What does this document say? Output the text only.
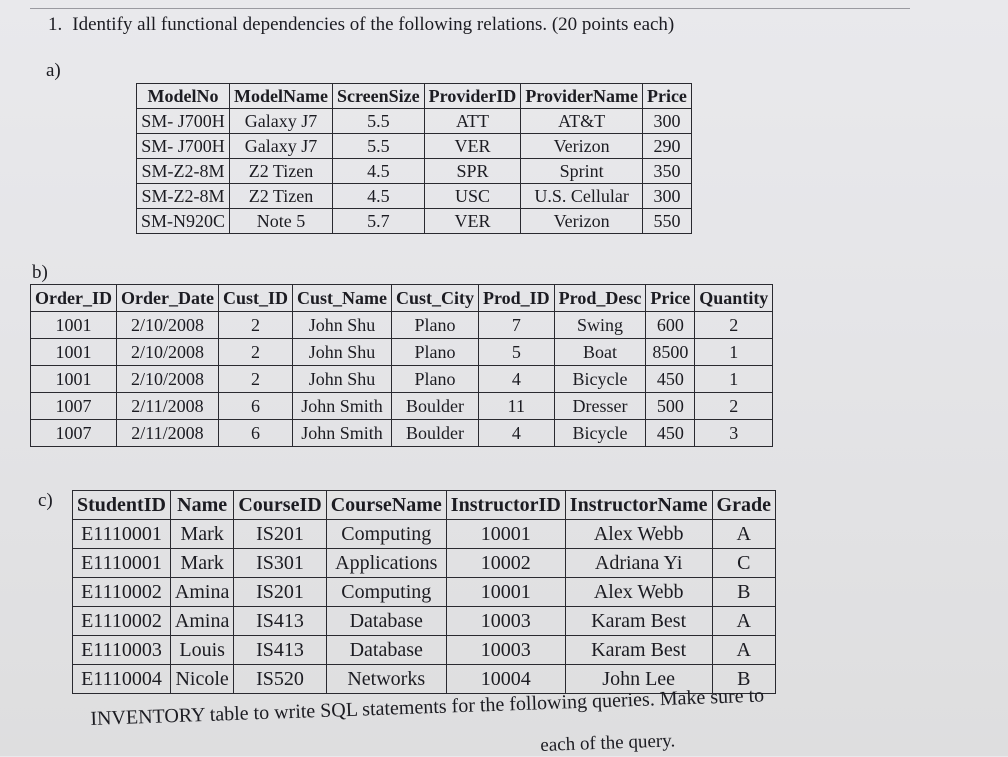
1. Identify all functional dependencies of the following relations. (20 points each)
a)
ModelNo	ModelName	ScreenSize	ProviderID	ProviderName	Price
SM- J700H	Galaxy J7	5.5	ATT	AT&T	300
SM- J700H	Galaxy J7	5.5	VER	Verizon	290
SM-Z2-8M	Z2 Tizen	4.5	SPR	Sprint	350
SM-Z2-8M	Z2 Tizen	4.5	USC	U.S. Cellular	300
SM-N920C	Note 5	5.7	VER	Verizon	550
b)
Order_ID	Order_Date	Cust_ID	Cust_Name	Cust_City	Prod_ID	Prod_Desc	Price	Quantity
1001	2/10/2008	2	John Shu	Plano	7	Swing	600	2
1001	2/10/2008	2	John Shu	Plano	5	Boat	8500	1
1001	2/10/2008	2	John Shu	Plano	4	Bicycle	450	1
1007	2/11/2008	6	John Smith	Boulder	11	Dresser	500	2
1007	2/11/2008	6	John Smith	Boulder	4	Bicycle	450	3
c) StudentID	Name	CourseID	CourseName	InstructorID	InstructorName	Grade
E1110001	Mark	IS201	Computing	10001	Alex Webb	A
E1110001	Mark	IS301	Applications	10002	Adriana Yi	C
E1110002	Amina	IS201	Computing	10001	Alex Webb	B
E1110002	Amina	IS413	Database	10003	Karam Best	A
E1110003	Louis	IS413	Database	10003	Karam Best	A
E1110004	Nicole	IS520	Networks	10004	John Lee	B
INVENTORY table to write SQL statements for the following queries. Make sure to
each of the query.
